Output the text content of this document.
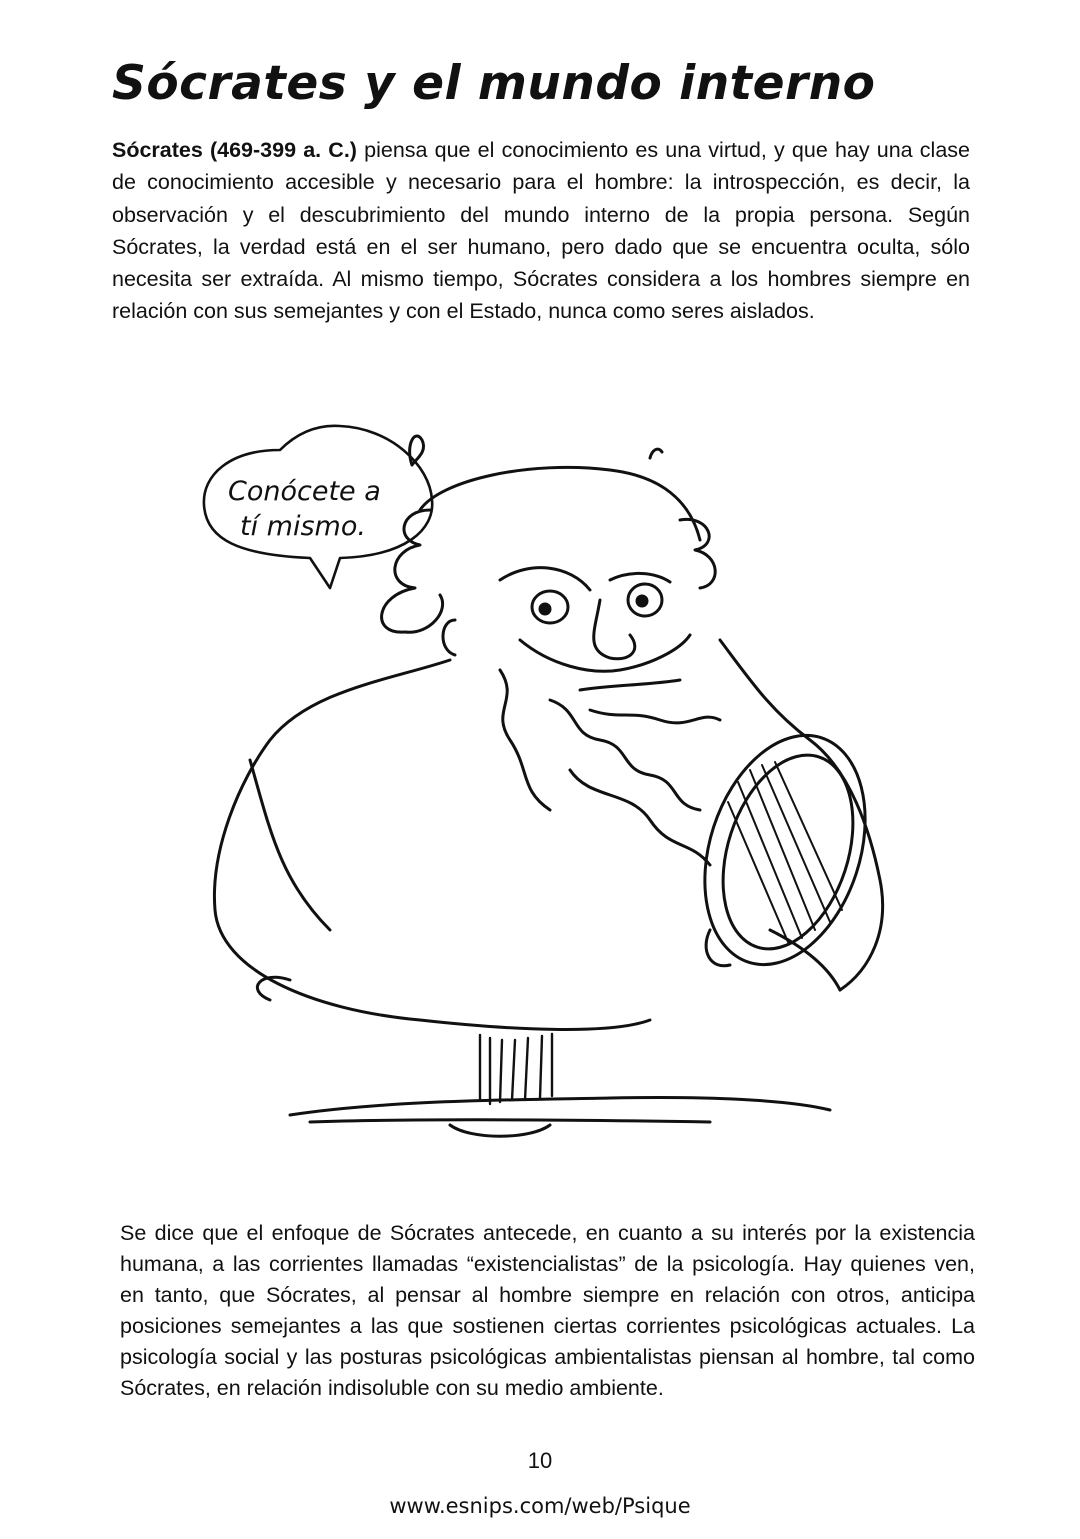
Sócrates y el mundo interno

Sócrates (469-399 a. C.) piensa que el conocimiento es una virtud, y que hay una clase de conocimiento accesible y necesario para el hombre: la introspección, es decir, la observación y el descubrimiento del mundo interno de la propia persona. Según Sócrates, la verdad está en el ser humano, pero dado que se encuentra oculta, sólo necesita ser extraída. Al mismo tiempo, Sócrates considera a los hombres siempre en relación con sus semejantes y con el Estado, nunca como seres aislados.

Conócete a
tí mismo.

Se dice que el enfoque de Sócrates antecede, en cuanto a su interés por la existencia humana, a las corrientes llamadas “existencialistas” de la psicología. Hay quienes ven, en tanto, que Sócrates, al pensar al hombre siempre en relación con otros, anticipa posiciones semejantes a las que sostienen ciertas corrientes psicológicas actuales. La psicología social y las posturas psicológicas ambientalistas piensan al hombre, tal como Sócrates, en relación indisoluble con su medio ambiente.

10
www.esnips.com/web/Psique
